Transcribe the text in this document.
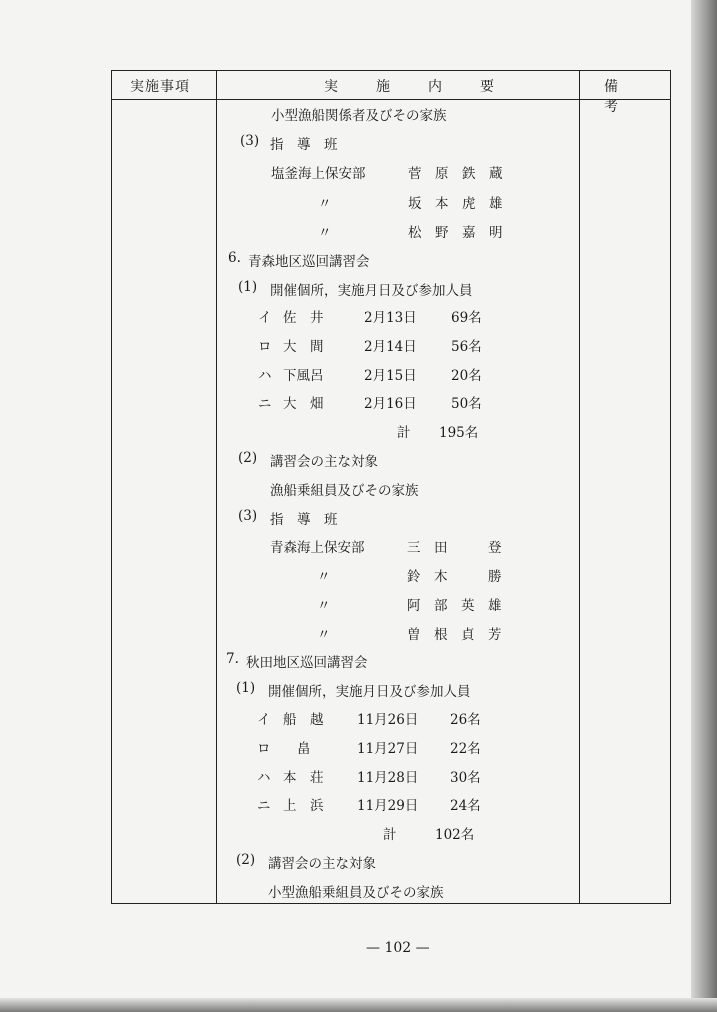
実施事項	実施内要	備考
小型漁船関係者及びその家族
(3) 指　導　班
塩釜海上保安部	菅　原　鉄　蔵
〃	坂　本　虎　雄
〃	松　野　嘉　明
6. 青森地区巡回講習会
(1) 開催個所，実施月日及び参加人員
イ 佐　井	2月13日	69名
ロ 大　間	2月14日	56名
ハ 下風呂	2月15日	20名
ニ 大　畑	2月16日	50名
計 195名
(2) 講習会の主な対象
漁船乗組員及びその家族
(3) 指　導　班
青森海上保安部	三　田　　　登
〃	鈴　木　　　勝
〃	阿　部　英　雄
〃	曽　根　貞　芳
7. 秋田地区巡回講習会
(1) 開催個所，実施月日及び参加人員
イ 船　越 11月26日 26名
ロ 畠	11月27日 22名
ハ 本　荘 11月28日 30名
ニ 上　浜 11月29日 24名
計	102名
(2) 講習会の主な対象
小型漁船乗組員及びその家族
— 102 —
